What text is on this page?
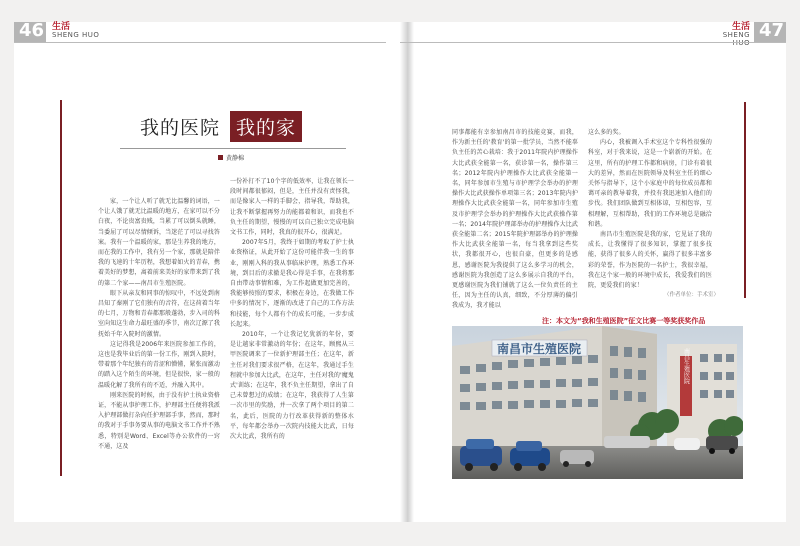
46 生活
SHENG HUO	47
生活
SHENG
我的医院 我的家
黄静棉

家，一个让人听了就无比温馨的词语，一个让人饿了就无比温暖的地方，在家可以不分白夜，不论贵富贵贱，当累了可以倒头就睡，当委屈了可以尽情倾诉，当迷茫了可以寻找答案。我有一个温暖的家，那是生养我的地方，而在我的工作中，我有另一个家，那就是陪伴我的飞速的十年历程，我想着如火的青春，携着美好的梦想，离着前来美好的家带来到了我的第二个家——南昌市生殖医院。

眼下从亲友和同事的惊叹中，不远处到南昌知了秦刚了它们独有的音符，在这荷着当年的七月，万物和青春都那般蓬勃，步入司的科室向知这生命力最旺盛的季节，南次辽源了我抚始千年入院时的激情。

这记得我是2006年来医院参加工作的，这也是我毕业后的第一份工作，刚到入院时，带着那个年纪独有的青涩和懵懂，紧张而激动的踏入这个陌生的环境，但是很快，家一般的温暖化解了我所有的不适，并融入其中。

刚来医院的时候，由于没有护士执业资格证，不能从事护理工作，护理部主任便将我派入护理部做打杂向任护理部手事，然而，那时的我对于手事务要从事的电脑文书工作并不熟悉，特别是Word、Excel等办公软件的一窍不通，这及

一份补打不了10个字的低效率，让我在领长一段时间都很郁闷，但是，主任并没有责怪我，而是像家人一样的手脚会，指导我，帮助我，让我不断掌握再努力的能都着和识，而我也不负主任的期望，慢慢的可以自己独立完成电脑文书工作，同时，我真的很开心，很满足。

2007年5月，我终于如期的考取了护士执业资格证，从此开始了这份可能伴我一生的事业，刚刚入科的我从事临床护理，熟悉工作环境，到目后的求撤是我心得是手事，在我将那自由带动事情和难，为工作起做更加完善的，我能够按照的要求，积极在身边，在我做工作中多的情况下，逐渐的改进了自己的工作方法和技能，每个人都有个的成长可能，一步步成长起来。

2010年，一个让我记忆犹新的年份，要是让越家非常激动的年份；在这年，顾熙从三甲医院调来了一位新护理部主任；在这年，新主任对我们要求很严格，在这年，我通过手生程就中参加大比武，在这年，主任对我的'魔鬼式'训练；在这年，我不负主任期望，拿出了自己未曾想过的成绩；在这年，我获得了人生第一次市里的奖励，并一次拿了两个项目的第二名，此后，医院的力行改革获得新的整体水平，每年都会举办一次院内技能大比武，日每次大比武，我所有的

同事都能有幸参加南昌市的技能竞赛，而我，作为新主任的'教育'的第一批学员，当然不能辜负主任的苦心栽培：我于2011年院内护理操作大比武获全能第一名，获诊第一名，操作第三名；2012年院内护理操作大比武获全能第一名，同年参加市生殖与市护理学会举办的护理操作大比武获操作单项第三名；2013年院内护理操作大比武获全能第一名，同年参加市生殖及市护理学会举办的护理操作大比武获操作第一名；2014年院护理部举办的护理操作大比武获全能第二名；2015年院护理部举办的护理操作大比武获全能第一名，每当我拿到这些奖状，我都很开心，也很自豪，但更多的是感恩，感谢医院为我提供了这么多学习的机会，感谢医院为我创造了这么多展示自我的平台，更感谢医院为我们铺就了这么一位负责任的主任，因为主任的认真，细致，不分厚薄的偏引我成为，我才能以

这么多的奖。

内心，我被调入手术室这个专科性很强的科室，对于我来说，这是一个崭新的开始。在这里，所有的护理工作都和病房，门诊有着很大的差异，然而在医院领导及科室主任的细心关怀与指导下，这个小家庭中的每位成员都和蔼可亲的教导着我，并投有我迅速加入他们的步伐。我们团队做到互相体谅，互相包容，互相理解，互相帮助，我们的工作环境总是融洽和谐。

南昌市生殖医院是我的家，它见证了我的成长，让我懂得了很多知识，掌握了很多技能，获得了很多人的关怀，赢得了很多丰富多彩的荣誉，作为医院的一名护士，我很幸福，我在这个家一般的环境中成长，我爱我们的医院，更爱我们的家！

（作者单位：手术室）
注：本文为“我和生殖医院”征文比赛一等奖获奖作品
南昌市生殖医院	南昌生殖医院
